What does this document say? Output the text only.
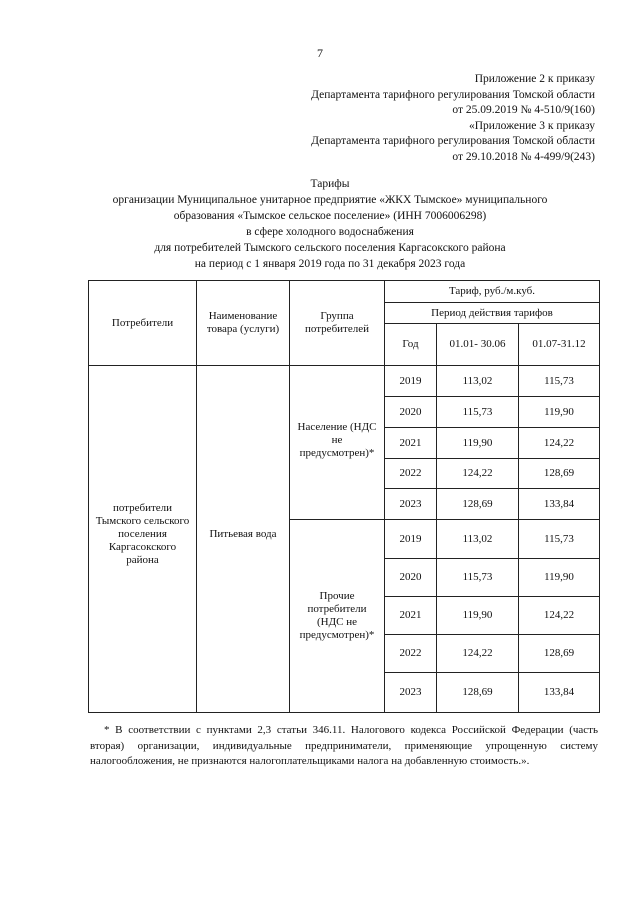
7
Приложение 2 к приказу
Департамента тарифного регулирования Томской области
от 25.09.2019 № 4-510/9(160)
«Приложение 3 к приказу
Департамента тарифного регулирования Томской области
от 29.10.2018 № 4-499/9(243)
Тарифы
организации Муниципальное унитарное предприятие «ЖКХ Тымское» муниципального
образования «Тымское сельское поселение» (ИНН 7006006298)
в сфере холодного водоснабжения
для потребителей Тымского сельского поселения Каргасокского района
на период с 1 января 2019 года по 31 декабря 2023 года
Потребители	Наименование товара (услуги)	Группа потребителей	Тариф, руб./м.куб.		
			Период действия тарифов		
			Год	01.01- 30.06	01.07-31.12
потребители Тымского сельского поселения Каргасокского района	Питьевая вода	Население (НДС не предусмотрен)*	2019	113,02	115,73
			2020	115,73	119,90
			2021	119,90	124,22
			2022	124,22	128,69
			2023	128,69	133,84
		Прочие потребители (НДС не предусмотрен)*	2019	113,02	115,73
			2020	115,73	119,90
			2021	119,90	124,22
			2022	124,22	128,69
			2023	128,69	133,84
* В соответствии с пунктами 2,3 статьи 346.11. Налогового кодекса Российской Федерации (часть вторая) организации, индивидуальные предприниматели, применяющие упрощенную систему налогообложения, не признаются налогоплательщиками налога на добавленную стоимость.».
